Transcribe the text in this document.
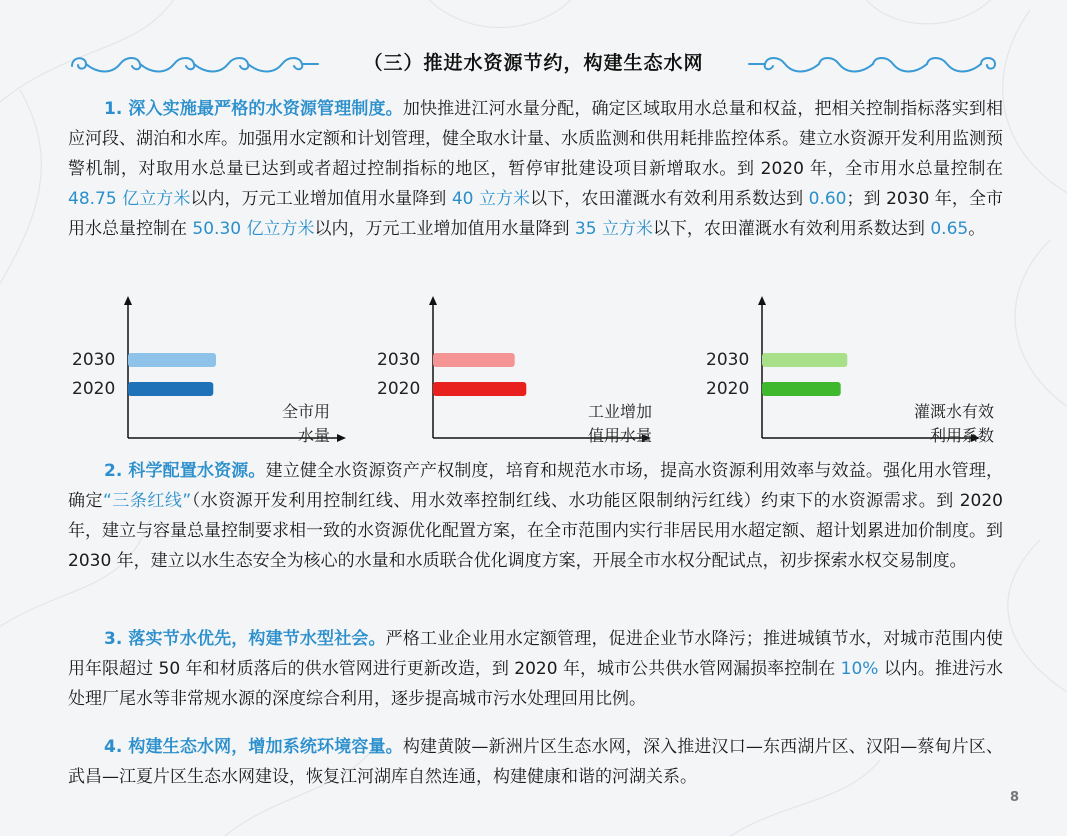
（三）推进水资源节约，构建生态水网

1. 深入实施最严格的水资源管理制度。加快推进江河水量分配，确定区域取用水总量和权益，把相关控制指标落实到相应河段、湖泊和水库。加强用水定额和计划管理，健全取水计量、水质监测和供用耗排监控体系。建立水资源开发利用监测预警机制，对取用水总量已达到或者超过控制指标的地区，暂停审批建设项目新增取水。到 2020 年，全市用水总量控制在 48.75 亿立方米以内，万元工业增加值用水量降到 40 立方米以下，农田灌溉水有效利用系数达到 0.60；到 2030 年，全市用水总量控制在 50.30 亿立方米以内，万元工业增加值用水量降到 35 立方米以下，农田灌溉水有效利用系数达到 0.65。

2030
2020
全市用
水量
2030
2020
工业增加
值用水量
2030
2020
灌溉水有效
利用系数

2. 科学配置水资源。建立健全水资源资产产权制度，培育和规范水市场，提高水资源利用效率与效益。强化用水管理，确定“三条红线”（水资源开发利用控制红线、用水效率控制红线、水功能区限制纳污红线）约束下的水资源需求。到 2020 年，建立与容量总量控制要求相一致的水资源优化配置方案，在全市范围内实行非居民用水超定额、超计划累进加价制度。到 2030 年，建立以水生态安全为核心的水量和水质联合优化调度方案，开展全市水权分配试点，初步探索水权交易制度。

3. 落实节水优先，构建节水型社会。严格工业企业用水定额管理，促进企业节水降污；推进城镇节水，对城市范围内使用年限超过 50 年和材质落后的供水管网进行更新改造，到 2020 年，城市公共供水管网漏损率控制在 10% 以内。推进污水处理厂尾水等非常规水源的深度综合利用，逐步提高城市污水处理回用比例。

4. 构建生态水网，增加系统环境容量。构建黄陂—新洲片区生态水网，深入推进汉口—东西湖片区、汉阳—蔡甸片区、武昌—江夏片区生态水网建设，恢复江河湖库自然连通，构建健康和谐的河湖关系。

8
